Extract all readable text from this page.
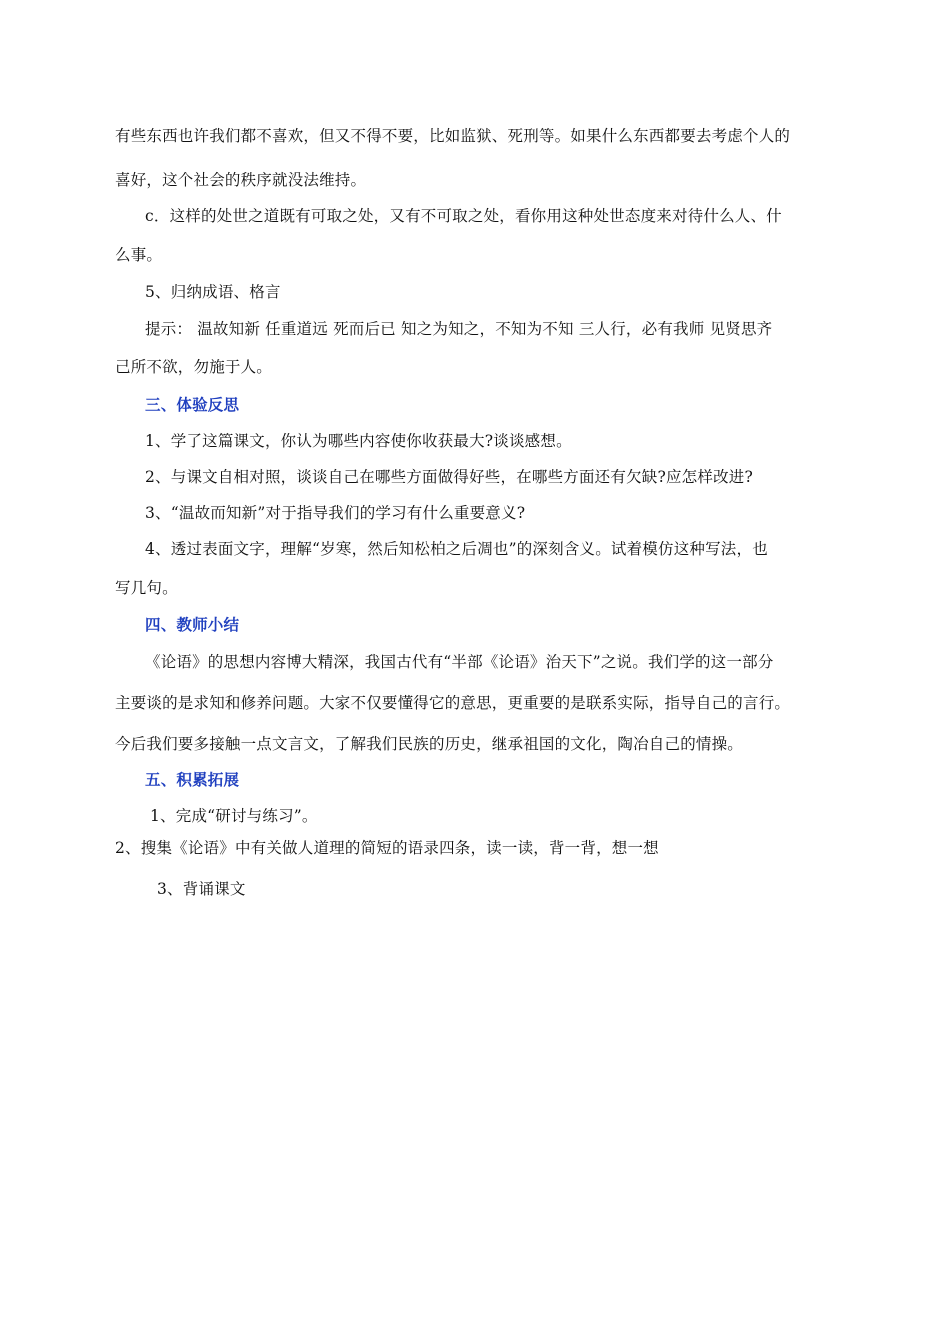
有些东西也许我们都不喜欢，但又不得不要，比如监狱、死刑等。如果什么东西都要去考虑个人的
喜好，这个社会的秩序就没法维持。
c．这样的处世之道既有可取之处，又有不可取之处，看你用这种处世态度来对待什么人、什
么事。
5、归纳成语、格言
提示： 温故知新 任重道远 死而后已 知之为知之，不知为不知 三人行，必有我师 见贤思齐
己所不欲，勿施于人。
三、体验反思
1、学了这篇课文，你认为哪些内容使你收获最大?谈谈感想。
2、与课文自相对照，谈谈自己在哪些方面做得好些，在哪些方面还有欠缺?应怎样改进?
3、“温故而知新”对于指导我们的学习有什么重要意义?
4、透过表面文字，理解“岁寒，然后知松柏之后凋也”的深刻含义。试着模仿这种写法，也
写几句。
四、教师小结
《论语》的思想内容博大精深，我国古代有“半部《论语》治天下”之说。我们学的这一部分
主要谈的是求知和修养问题。大家不仅要懂得它的意思，更重要的是联系实际，指导自己的言行。
今后我们要多接触一点文言文，了解我们民族的历史，继承祖国的文化，陶冶自己的情操。
五、积累拓展
1、完成“研讨与练习”。
2、搜集《论语》中有关做人道理的简短的语录四条，读一读，背一背，想一想
3、背诵课文
